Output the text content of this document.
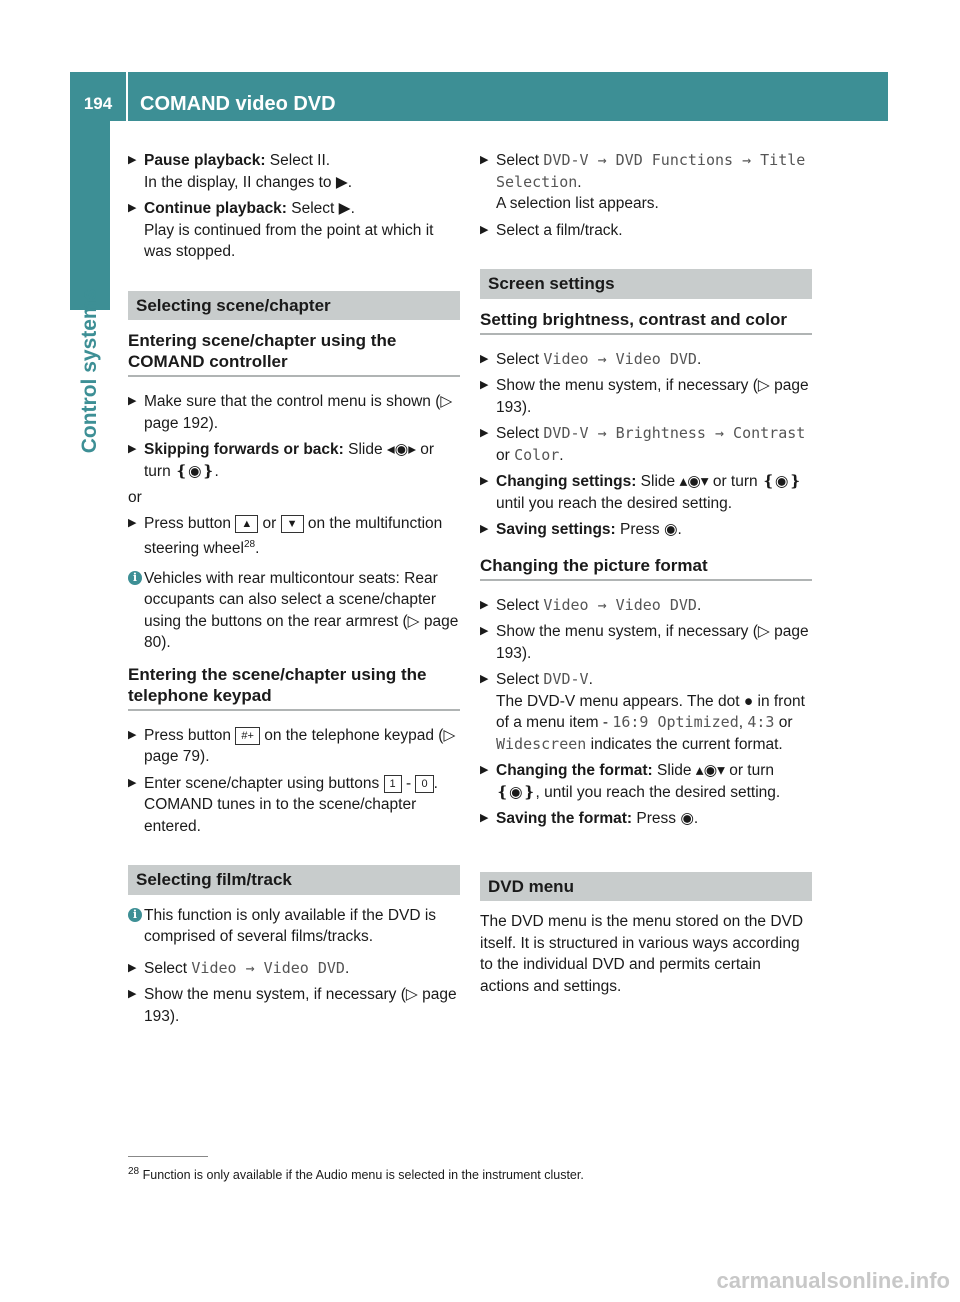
194	COMAND video DVD
Control systems
▶ Pause playback: Select II.
In the display, II changes to ▶.
▶ Continue playback: Select ▶.
Play is continued from the point at which it was stopped.
Selecting scene/chapter
Entering scene/chapter using the COMAND controller
▶ Make sure that the control menu is shown (▷ page 192).
▶ Skipping forwards or back: Slide ◂◉▸ or turn ❴◉❵.
or
▶ Press button ▲ or ▼ on the multifunction steering wheel$^{28}$.
i Vehicles with rear multicontour seats: Rear occupants can also select a scene/chapter using the buttons on the rear armrest (▷ page 80).
Entering the scene/chapter using the telephone keypad
▶ Press button #+ on the telephone keypad (▷ page 79).
▶ Enter scene/chapter using buttons 1 - 0 .
COMAND tunes in to the scene/chapter entered.
Selecting film/track
i This function is only available if the DVD is comprised of several films/tracks.
▶ Select Video → Video DVD.
▶ Show the menu system, if necessary (▷ page 193).
▶ Select DVD-V → DVD Functions → Title Selection.
A selection list appears.
▶ Select a film/track.
Screen settings
Setting brightness, contrast and color
▶ Select Video → Video DVD.
▶ Show the menu system, if necessary (▷ page 193).
▶ Select DVD-V → Brightness → Contrast or Color.
▶ Changing settings: Slide ▴◉▾ or turn ❴◉❵ until you reach the desired setting.
▶ Saving settings: Press ◉.
Changing the picture format
▶ Select Video → Video DVD.
▶ Show the menu system, if necessary (▷ page 193).
▶ Select DVD-V.
The DVD-V menu appears. The dot ● in front of a menu item - 16:9 Optimized, 4:3 or Widescreen indicates the current format.
▶ Changing the format: Slide ▴◉▾ or turn ❴◉❵, until you reach the desired setting.
▶ Saving the format: Press ◉.
DVD menu
The DVD menu is the menu stored on the DVD itself. It is structured in various ways according to the individual DVD and permits certain actions and settings.
$^{28}$ Function is only available if the Audio menu is selected in the instrument cluster.
carmanualsonline.info
